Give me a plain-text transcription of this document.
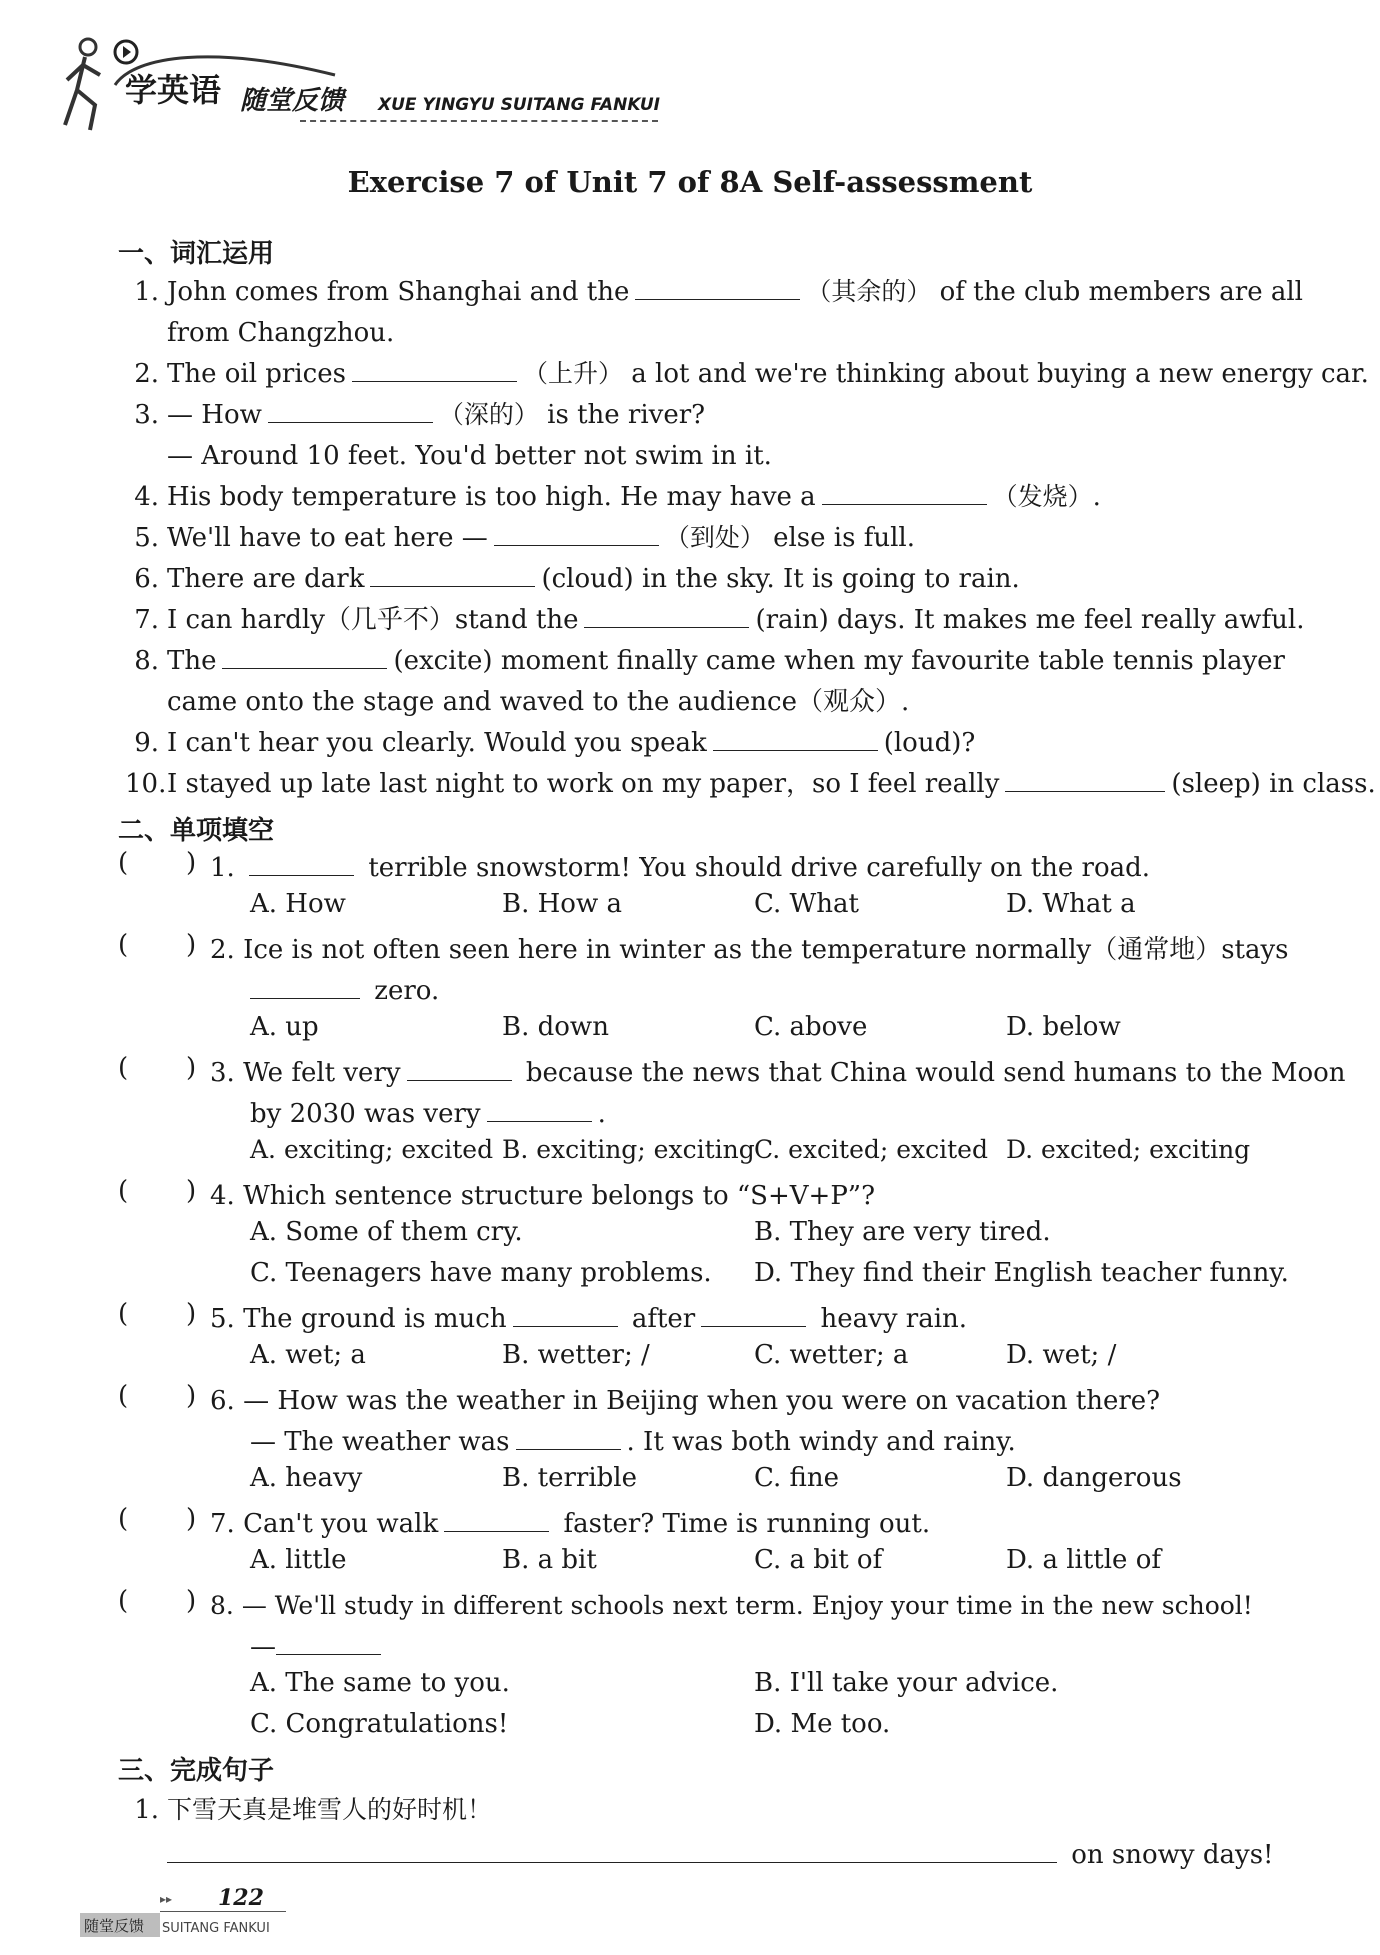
学英语 随堂反馈 XUE YINGYU SUITANG FANKUI
Exercise 7 of Unit 7 of 8A Self-assessment
一、词汇运用
1. John comes from Shanghai and the	（其余的） of the club members are all
from Changzhou.
2. The oil prices	（上升） a lot and we're thinking about buying a new energy car.
3. — How	（深的） is the river?
— Around 10 feet. You'd better not swim in it.
4. His body temperature is too high. He may have a	（发烧）.
5. We'll have to eat here —	（到处） else is full.
6. There are dark	(cloud) in the sky. It is going to rain.
7. I can hardly（几乎不）stand the	(rain) days. It makes me feel really awful.
8. The	(excite) moment finally came when my favourite table tennis player
came onto the stage and waved to the audience（观众）.
9. I can't hear you clearly. Would you speak	(loud)?
10.I stayed up late last night to work on my paper，so I feel really	(sleep) in class.
二、单项填空
(       ) 1.	terrible snowstorm! You should drive carefully on the road.
A. How	B. How a	C. What	D. What a
(       ) 2. Ice is not often seen here in winter as the temperature normally（通常地）stays
zero.
A. up	B. down	C. above	D. below
(       ) 3. We felt very	because the news that China would send humans to the Moon
by 2030 was very	.
A. exciting; excited B. exciting; exciting C. excited; excited D. excited; exciting
(       ) 4. Which sentence structure belongs to “S+V+P”?
A. Some of them cry.	B. They are very tired.
C. Teenagers have many problems. D. They find their English teacher funny.
(       ) 5. The ground is much	after	heavy rain.
A. wet; a	B. wetter; /	C. wetter; a	D. wet; /
(       ) 6. — How was the weather in Beijing when you were on vacation there?
— The weather was	. It was both windy and rainy.
A. heavy	B. terrible	C. fine	D. dangerous
(       ) 7. Can't you walk	faster? Time is running out.
A. little	B. a bit	C. a bit of	D. a little of
(       ) 8. — We'll study in different schools next term. Enjoy your time in the new school!
—
A. The same to you.	B. I'll take your advice.
C. Congratulations!	D. Me too.
三、完成句子
1. 下雪天真是堆雪人的好时机！
on snowy days!
▸▸ 122
随堂反馈 SUITANG FANKUI
